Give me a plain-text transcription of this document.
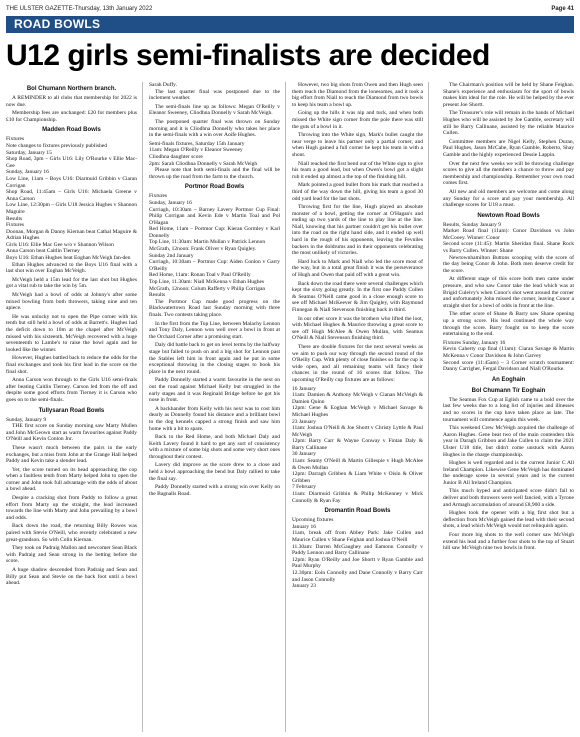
THE ULSTER GAZETTE-Thursday, 13th January 2022	Page 41
ROAD BOWLS
U12 girls semi-finalists are decided
Bol Chumann Northern branch.

A REMINDER to all clubs that membership for 2022 is now due.

Membership fees are unchanged: £20 for members plus £10 for Championship.

Madden Road Bowls

Fixtures

Note changes to fixtures previously published

Saturday, January 15

Shop Road, 3pm – Girls U16: Lily O'Rourke v Ellie Mac-Gee

Sunday, January 16

Low Line, 11am – Boys U16: Diarmuid Gribbin v Ciaran Corrigan

Shop Road, 11:45am – Girls U16: Michaela Greene v Anna Carson

Low Line, 12:30pm – Girls U18 Jessica Hughes v Shannon Maguire

Results

Fixtures

Doonan, Morgan & Danny Kiernan beat Cathal Maguire & Adrian Hughes

Girls U16: Ellie Mac Gee w/o v Shannon Wilson

Anna Carson beat Caitlin Tierney

Boys U16: Ethan Hughes beat Eoghan McVeigh fan-den

Ethan Hughes advanced to the Boys U16 final with a last shot win over Eoghan McVeigh.

McVeigh held a 15m lead for the last shot but Hughes got a vital rub to take the win by 5m.

McVeigh had a bowl of odds at Johnny's after some mixed bowling from both throwers, taking nine and ten apiece.

He was unlucky not to open the Pipe corner with his tenth but still held a bowl of odds at Barrett's. Hughes had the deficit down to 10m at the chapel after McVeigh missed with his sixteenth. McVeigh recovered with a huge seventeenth to Lambe's to raise the bowl again and he looked like the winner.

However, Hughes battled back to reduce the odds for the final exchanges and took his first lead in the score on the final shot.

Anna Carson won through to the Girls U16 semi-finals after beating Caitlin Tierney. Carson led from the off and despite some good efforts from Tierney it is Carson who goes on to the semi-finals.

Tullysaran Road Bowls

Sunday, January 9

THE first score on Sunday morning saw Marty Mullen and John McGeown start as warm favourites against Paddy O'Neill and Kevin Conlon Jnr.

These wasn't much between the pairs in the early exchanges, but a miss from John at the Grange Hall helped Paddy and Kevin take a slender lead.

Yet, the score turned on its head approaching the cop when a faultless tenth from Marty helped John to open the corner and John took full advantage with the odds of about a bowl ahead.

Despite a cracking shot from Paddy to follow a great effort from Marty up the straight, the lead increased towards the line with Marty and John prevailing by a bowl and odds.

Back down the road, the returning Billy Rowes was paired with Stevie O'Neill, who recently celebrated a new great-grandson. So with Colin Kiernan.

They took on Padraig Mallon and newcomer Sean Black with Padraig and Sean strong in the betting before the score.

A huge shadow descended from Padraig and Sean and Billy put Sean and Stevie on the back foot until a bowl ahead.

Sarah Duffy.

The last quarter final was postponed due to the inclement weather.

The semi-finals line up as follows: Megan O'Reilly v Eleanor Sweeney, Cliodhna Donnelly v Sarah McVeigh.

The postponed quarter final was thrown on Sunday morning and it is Cliodhna Donnelly who takes her place in the semi-finals with a win over Aoife Hughes.

Semi-finals fixtures, Saturday 15th January

11am: Megan O'Reilly v Eleanor Sweeney

Cliodhna daughter score

2pm: Sarah Cliodhna Donnelly v Sarah McVeigh

Please note that both semi-finals and the final will be thrown up the road from the farm to the church.

Portmor Road Bowls

Fixtures

Sunday, January 16

Curriagh, 10:30am – Barney Lavery Portmor Cup Final: Philip Corrigan and Kevin Ede v Martin Toal and Pol O'Hagan

Red Home, 11am – Portmor Cup: Kieran Gormley v Karl Donnelly

Top Line, 11:30am: Martin Mullan v Patrick Lennon

McGrath, 12noon: Frank Oliver v Ryan Quigley.

Sunday 2nd January

Curriagh, 10:30am – Portmor Cup: Aiden Conlon v Garry O'Reilly

Red Home, 11am: Ronan Toal v Paul O'Reilly

Top Line, 11.30am: Niall McKenna v Ethan Hughes

McGrath, 12noon: Colum Rafferty v Philip Corrigan

Results

The Portmor Cup made good progress on the Blackwatertown Road last Sunday morning with three finals. Two contests taking place.

In the first from the Top Line, between Malachy Lennon and Tony Daly, Lennon won well over a bowl in front at the Orchard Corner after a promising start.

Daly did battle back to get on level terms by the halfway stage but failed to push on and a big shot for Lennon past the Stables left him in front again and he put in some exceptional throwing in the closing stages to book his place in the next round.

Paddy Donnelly started a warm favourite in the next on out the road against Michael Kelly but struggled in the early stages and it was Reginald Bridge before he got his nose in front.

A backhander from Kelly with his next was to cost him dearly as Donnelly found his distance and a brilliant bowl to the dog kennels capped a strong finish and saw him home with a bit to spare.

Back to the Red Home, and both Michael Daly and Keith Lavery found it hard to get any sort of consistency with a mixture of some big shots and some very short ones throughout their contest.

Lavery did improve as the score drew to a close and held a bowl approaching the bend but Daly rallied to take the final say.

Paddy Donnelly started with a strong win over Kelly on the Bagnalls Road.

However, two big shots from Owen and then Hugh seen them reach the Diamond from the lonesomes, and it took a big effort from Niall to reach the Diamond from two bowls to keep his team a bowl up.

Going up the hills it was nip and tuck, and when both missed the White sign corner from the pole there was still the guts of a bowl in it.

Throwing into the White sign, Mark's bullet caught the near verge to leave his partner only a partial corner, and when Hugh gained a full corner he kept his team in with a shout.

Niall reached the first bend out of the White sign to give his team a good lead, but when Owen's bowl got a slight rub it ended up almost a the top of the finishing hill.

Mark pointed a good bullet from his mark that reached a third of the way down the hill, giving his team a good 30 odd yard lead for the last shots.

Throwing first for the line, Hugh played an absolute monster of a bowl, getting the corner at O'Hagan's and ending up two yards of the line to play line at the line. Niall, knowing that his partner couldn't get his bullet over into the road on the right hand side, and it ended up well hard in the rough of his opponents, leaving the Fevniles backers in the doldrums and in their opponents celebrating the most unlikely of victories.

Hard luck to Mark and Niall who led the score most of the way, but in a total great finish it was the perseverance of Hugh and Owen that paid off with a great win.

Back down the road there were several challenges which kept the sixty going greatly. In the first one Paddy Cullen & Seamus O'Neill came good in a close enough score to see off Michael McKeever & Jim Quigley, with Raymond Finnegan & Niall Stevenson finishing back in third.

In our other score it was the brothers who lifted the loot, with Michael Hughes & Maurice throwing a great score to see off Hugh McAlee & Owen Mullan, with Seamus O'Neill & Niall Stevenson finishing third.

There are double fixtures for the next several weeks as we aim to push our way through the second round of the O'Reilly Cup. With plenty of close finishes so far the cup is wide open, and all remaining teams will fancy their chances in the round of 16 scores that follow. The upcoming O'Reilly cup fixtures are as follows:

16 January

11am: Damien & Anthony McVeigh v Cianan McVeigh & Damien Quinn

12pm: Gene & Eoghan McVeigh v Michael Savage & Michael Hughes

23 January

11am: Joshua O'Neill & Joe Shortt v Christy Lyttle & Paul McVeigh

12pm: Barry Carr & Wayne Conway v Fintan Daly & Barry Callinane

30 January

11am: Seamy O'Neill & Martin Gillespie v Hugh McAlee & Owen Mullan

12pm: Darragh Gribben & Liam White v Oisin & Oliver Gribben

7 February

11am: Diarmuid Gribbin & Philip McKenney v Mick Connolly & Ryan Fay

Dromantin Road Bowls

Upcoming fixtures

January 16

11am, break off from Abbey Park: Jake Cullen and Maurice Cullen v Shane Feighan and Joshua O'Neill

11.30am: Darren McGaughey and Eamonn Connolly v Paddy Lennon and Barry Callinane

12pm: Ryan O'Reilly and Joe Shortt v Ryan Gamble and Paul Murphy

12.30pm: Eoin Connolly and Dane Connolly v Barry Carr and Jason Connolly

January 23

The Chairman's position will be held by Shane Feighan. Shane's experience and enthusiasm for the sport of bowls makes him ideal for the role. He will be helped by the ever present Joe Shortt.

The Treasurer's role will remain in the hands of Michael Hughes who will be assisted by Joe Gamble, secretary will still be Barry Callinane, assisted by the reliable Maurice Cullen.

Committee members are Nigel Kelly, Stephen Duran, Paul Hughes, Jason McCabe, Ryan Gamble, Roberto, Shay Gamble and the highly experienced Dessie Lappin.

Over the next few weeks we will be throwing challenge scores to give all the members a chance to throw and pay membership and championship. Remember your own road comes first.

All new and old members are welcome and come along any Sunday for a score and pay your membership. All challenge scores for U18 a must.

Newtown Road Bowls

Results, Sunday January 9

Market Road final (11am): Conor Davidson vs John McCooey. Winner: Conor

Second score (11:45): Martin Sheridan final. Shane Rock vs Barry Cullen. Winner: Shane

Newtownhamilton Buttons scooping with the score of the day being Conor & John. Both men deserve credit for the score.

At different stage of this score both men came under pressure, and who saw Conor take the lead which was at Brigid Culeivy's when Conor's shot went around the corner and unfortunately John missed the corner, leaving Conor a straight shot for a bowl of odds in front at the line.

The other score of Shane & Barry saw Shane opening up a strong score. His lead continued the whole way through the score. Barry fought on to keep the score entertaining to the end.

Fixtures Sunday, January 16

Kevin Caherty cup final (11am): Ciaran Savage & Martin McKenna v Conor Davidson & John Garvey

Second score (11:45am) – 3 Corner scratch tournament: Danny Carrigher, Fergal Davidson and Niall O'Rourke.

An Eoghain
Bol Chumann Tír Eoghain

The Seamus Fox Cup at Eglish came to a bold over the last few weeks due to a long list of injuries and illnesses and no scores in the cup have taken place as late. The tournament will commence again this week.

This weekend Crew McVeigh acquired the challenge of Aaron Hughes. Gene beat two of the main contenders this year in Daragh Gribbon and Jake Cullen to claim the 2021 Ulster U18 title, but didn't come unstuck with Aaron Hughes in the charge championship.

Hughes is well regarded and is the current Junior C All Ireland Champion. Likewise Gene McVeigh has dominated the underage scene in several years and is the current Junior B All Ireland Champion.

This much hyped and anticipated score didn't fail to deliver and both throwers were well fancied, with a Tyrone and Armagh accumulation of around £8,900 a side.

Hughes took the opener with a big first shot but a deflection from McVeigh gained the lead with their second shots, a lead which McVeigh would not relinquish again.

Four more big shots to the well corner saw McVeigh extend his lead and a further four shots to the top of Stuart hill saw McVeigh nine two bowls in front.
